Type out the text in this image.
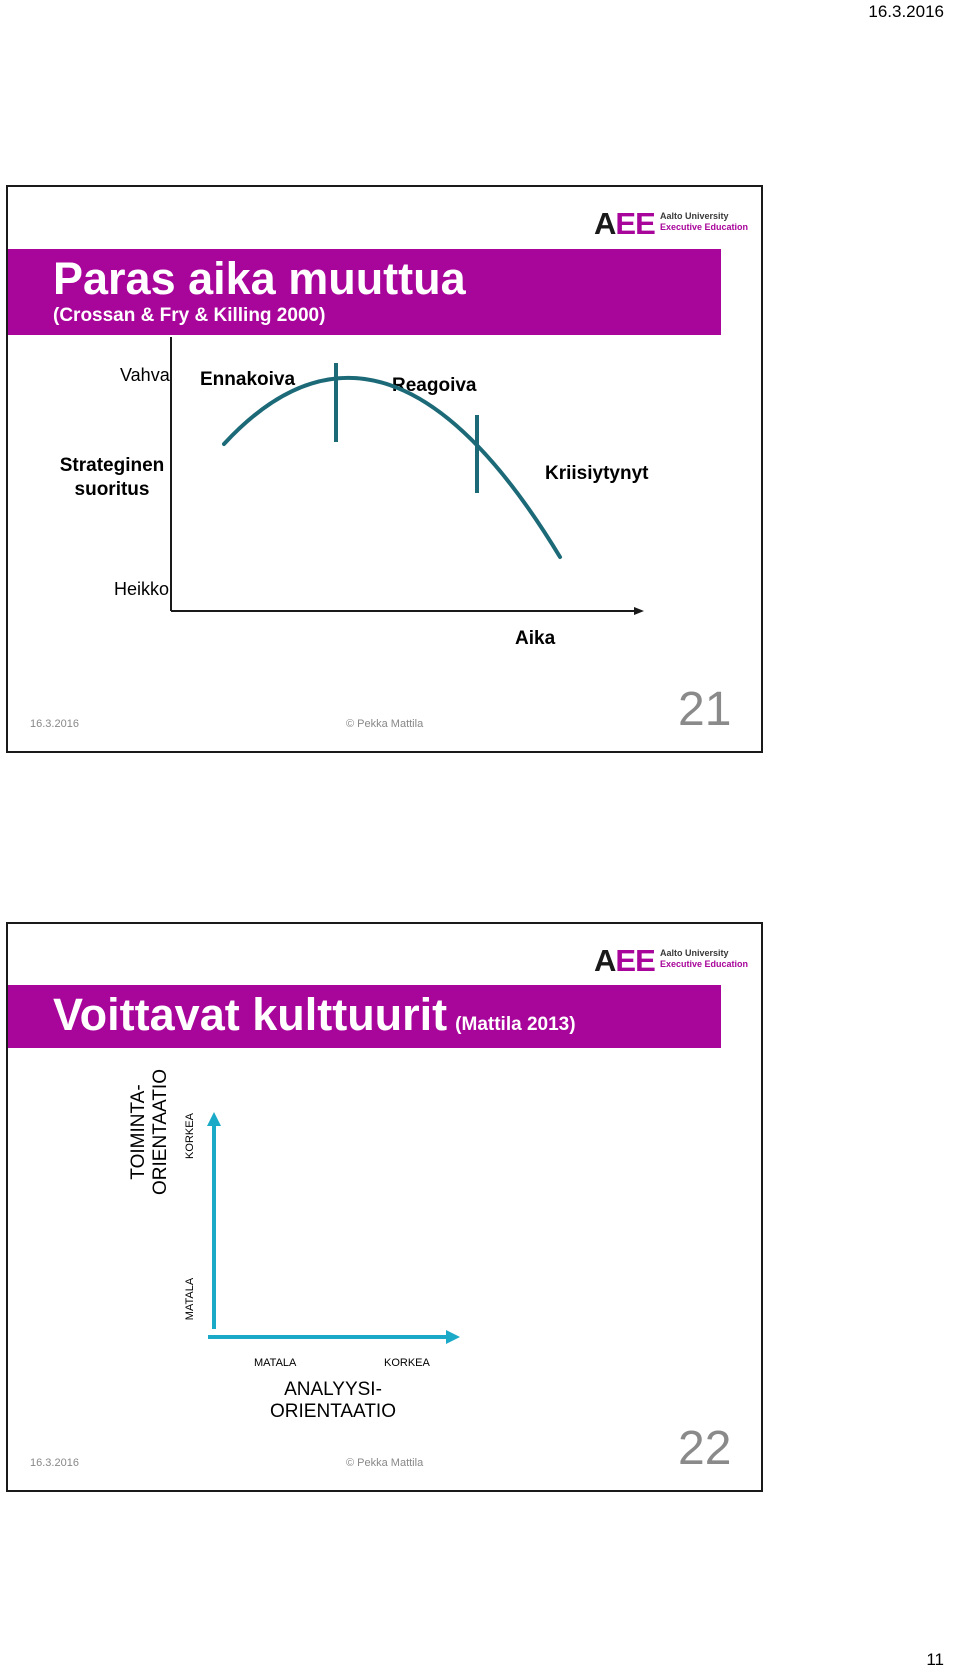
16.3.2016
AEE Aalto University
Executive Education
Paras aika muuttua
(Crossan & Fry & Killing 2000)
Vahva Ennakoiva	Reagoiva
Strateginen
suoritus
Kriisiytynyt
Heikko
Aika
16.3.2016	© Pekka Mattila	21
AEE Aalto University
Executive Education
Voittavat kulttuurit (Mattila 2013)
TOIMINTA- ORIENTAATIO KORKEA
MATALA
MATALA	KORKEA
ANALYYSI-
ORIENTAATIO
16.3.2016	© Pekka Mattila	22
11
